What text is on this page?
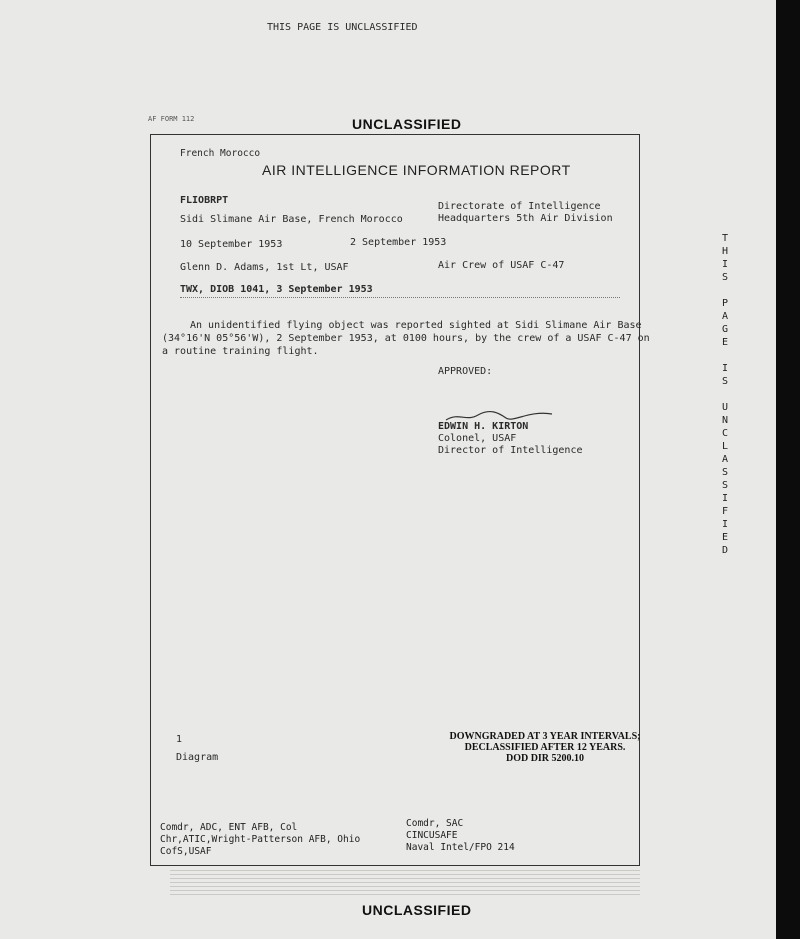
THIS PAGE IS UNCLASSIFIED
AF FORM 112	UNCLASSIFIED
French Morocco
AIR INTELLIGENCE INFORMATION REPORT
FLIOBRPT
Directorate of Intelligence
Sidi Slimane Air Base, French Morocco	Headquarters 5th Air Division
10 September 1953	2 September 1953
Glenn D. Adams, 1st Lt, USAF	Air Crew of USAF C-47
TWX, DIOB 1041, 3 September 1953
An unidentified flying object was reported sighted at Sidi Slimane Air Base
(34°16'N 05°56'W), 2 September 1953, at 0100 hours, by the crew of a USAF C-47 on
a routine training flight.
APPROVED:
EDWIN H. KIRTON
Colonel, USAF
Director of Intelligence
T
H
I
S
P
A
G
E
I
S
U
N
C
L
A
S
S
I
F
I
E
D
1
Diagram
DOWNGRADED AT 3 YEAR INTERVALS;
DECLASSIFIED AFTER 12 YEARS.
DOD DIR 5200.10
Comdr, ADC, ENT AFB, Col
Chr,ATIC,Wright-Patterson AFB, Ohio
CofS,USAF
Comdr, SAC
CINCUSAFE
Naval Intel/FPO 214
UNCLASSIFIED
